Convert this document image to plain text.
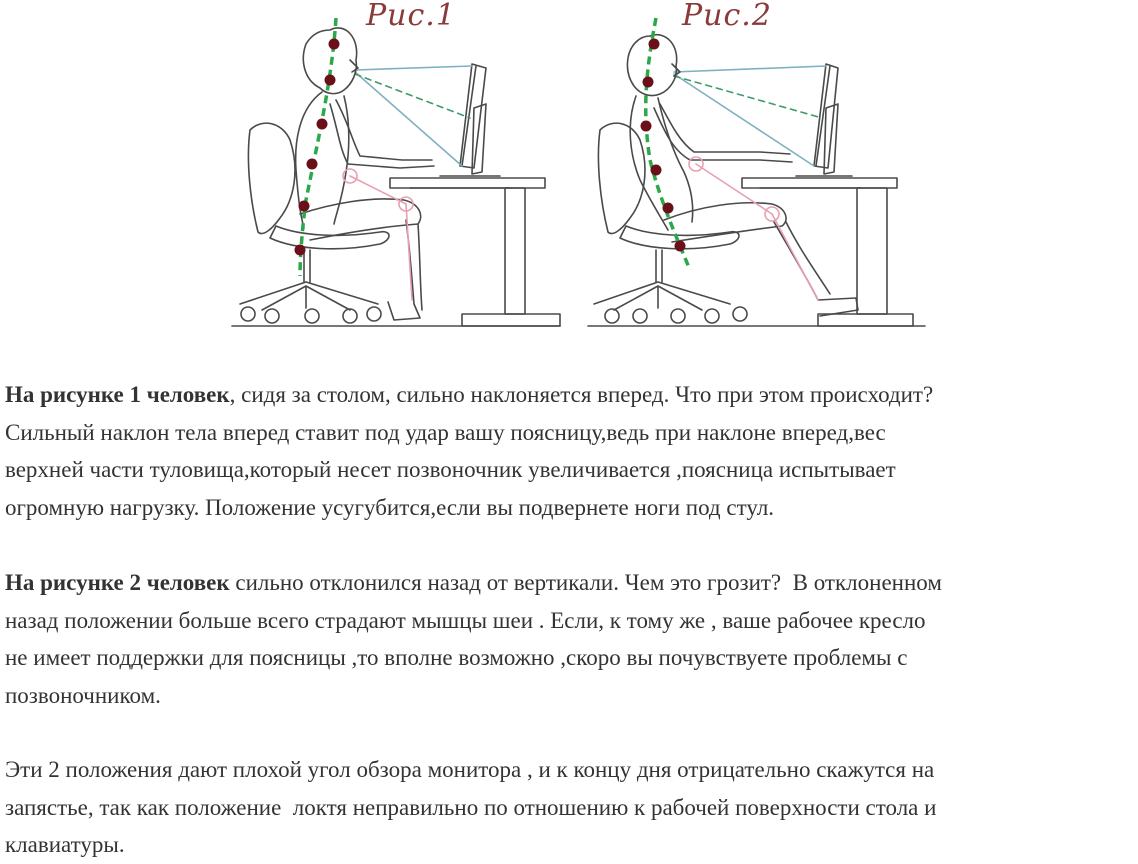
Рис.1	Рис.2
На рисунке 1 человек, сидя за столом, сильно наклоняется вперед. Что при этом происходит?
Сильный наклон тела вперед ставит под удар вашу поясницу,ведь при наклоне вперед,вес
верхней части туловища,который несет позвоночник увеличивается ,поясница испытывает
огромную нагрузку. Положение усугубится,если вы подвернете ноги под стул.
На рисунке 2 человек сильно отклонился назад от вертикали. Чем это грозит?  В отклоненном
назад положении больше всего страдают мышцы шеи . Если, к тому же , ваше рабочее кресло
не имеет поддержки для поясницы ,то вполне возможно ,скоро вы почувствуете проблемы с
позвоночником.
Эти 2 положения дают плохой угол обзора монитора , и к концу дня отрицательно скажутся на
запястье, так как положение  локтя неправильно по отношению к рабочей поверхности стола и
клавиатуры.
